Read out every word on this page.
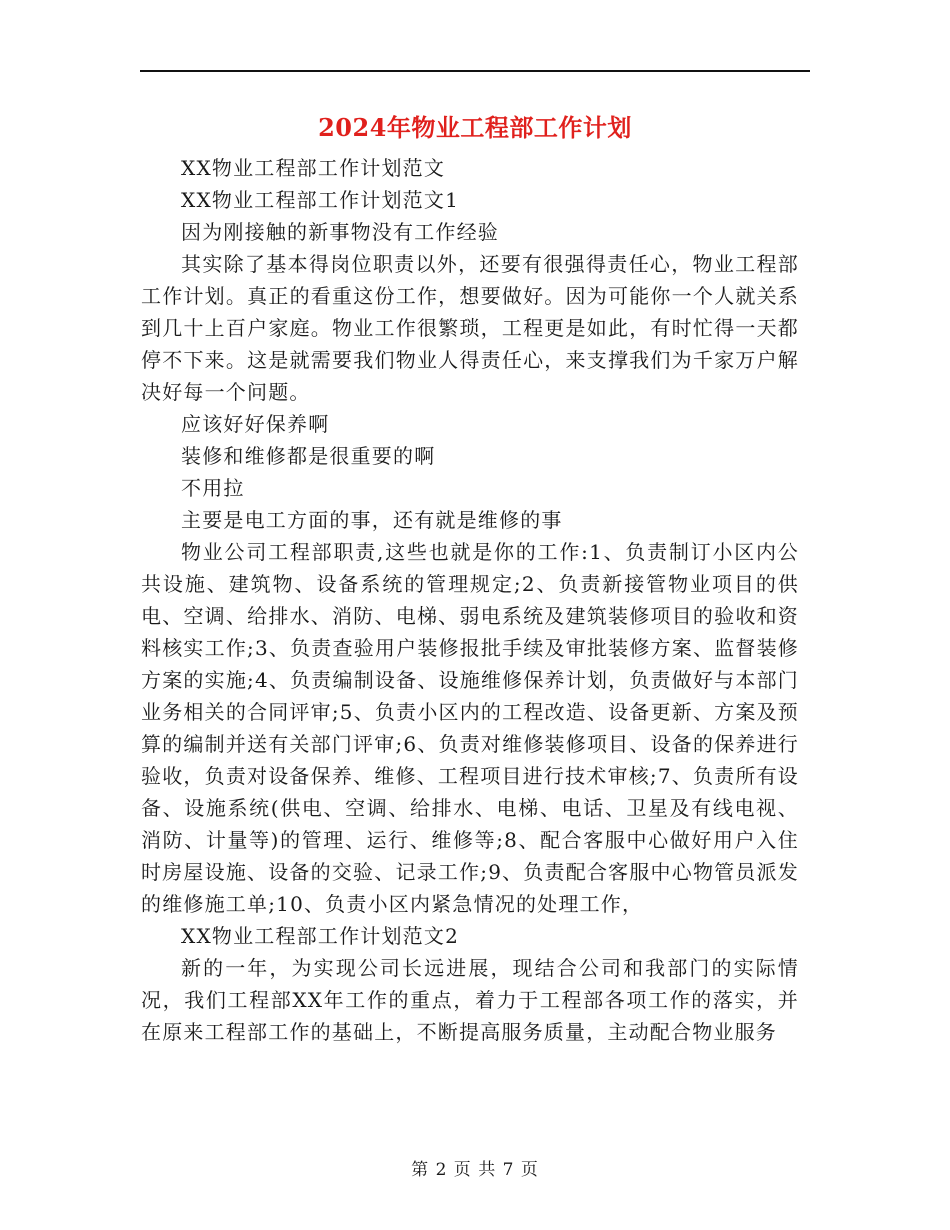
2024年物业工程部工作计划

XX物业工程部工作计划范文

XX物业工程部工作计划范文1

因为刚接触的新事物没有工作经验

其实除了基本得岗位职责以外，还要有很强得责任心，物业工程部工作计划。真正的看重这份工作，想要做好。因为可能你一个人就关系到几十上百户家庭。物业工作很繁琐，工程更是如此，有时忙得一天都停不下来。这是就需要我们物业人得责任心，来支撑我们为千家万户解决好每一个问题。

应该好好保养啊

装修和维修都是很重要的啊

不用拉

主要是电工方面的事，还有就是维修的事

物业公司工程部职责,这些也就是你的工作:1、负责制订小区内公共设施、建筑物、设备系统的管理规定;2、负责新接管物业项目的供电、空调、给排水、消防、电梯、弱电系统及建筑装修项目的验收和资料核实工作;3、负责查验用户装修报批手续及审批装修方案、监督装修方案的实施;4、负责编制设备、设施维修保养计划，负责做好与本部门业务相关的合同评审;5、负责小区内的工程改造、设备更新、方案及预算的编制并送有关部门评审;6、负责对维修装修项目、设备的保养进行验收，负责对设备保养、维修、工程项目进行技术审核;7、负责所有设备、设施系统(供电、空调、给排水、电梯、电话、卫星及有线电视、消防、计量等)的管理、运行、维修等;8、配合客服中心做好用户入住时房屋设施、设备的交验、记录工作;9、负责配合客服中心物管员派发的维修施工单;10、负责小区内紧急情况的处理工作，

XX物业工程部工作计划范文2

新的一年，为实现公司长远进展，现结合公司和我部门的实际情况，我们工程部XX年工作的重点，着力于工程部各项工作的落实，并在原来工程部工作的基础上，不断提高服务质量，主动配合物业服务

第 2 页 共 7 页
